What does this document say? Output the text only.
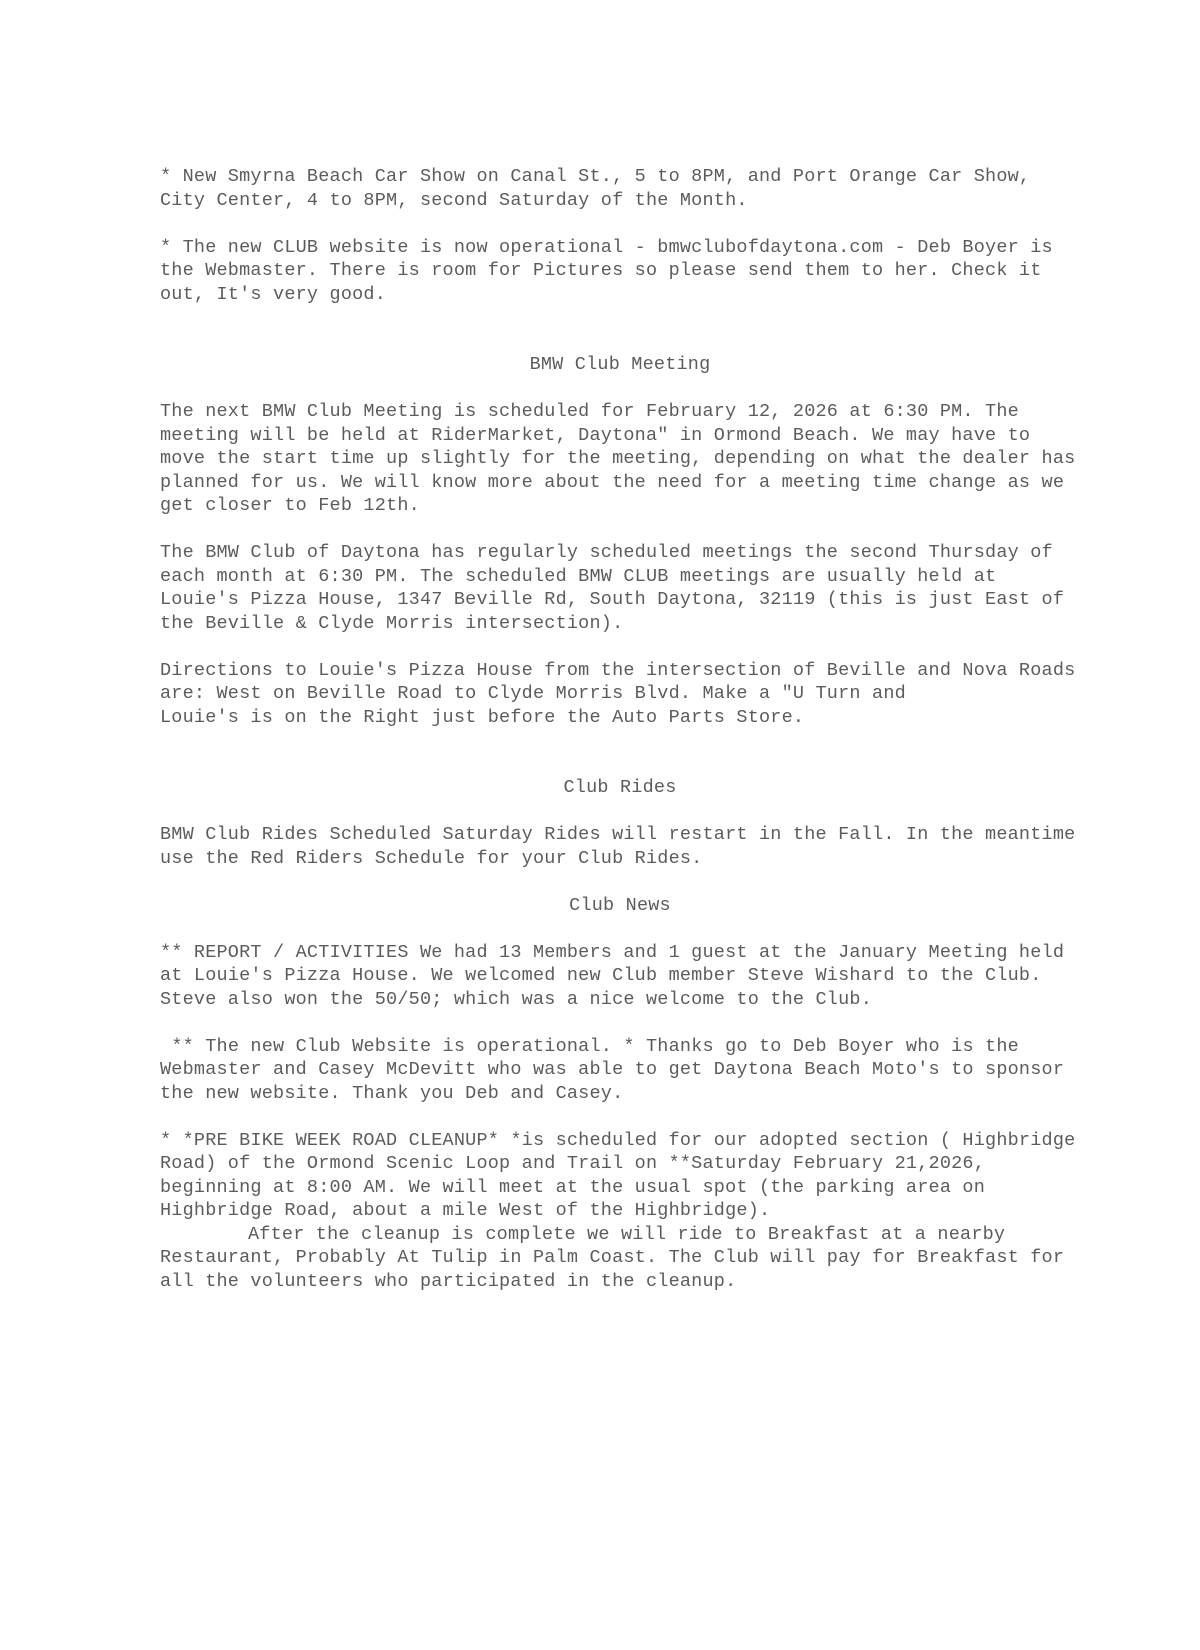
* New Smyrna Beach Car Show on Canal St., 5 to 8PM, and Port Orange Car Show, City Center, 4 to 8PM, second Saturday of the Month.

* The new CLUB website is now operational - bmwclubofdaytona.com - Deb Boyer is the Webmaster. There is room for Pictures so please send them to her. Check it out, It's very good.

BMW Club Meeting

The next BMW Club Meeting is scheduled for February 12, 2026 at 6:30 PM. The meeting will be held at RiderMarket, Daytona" in Ormond Beach. We may have to move the start time up slightly for the meeting, depending on what the dealer has planned for us. We will know more about the need for a meeting time change as we get closer to Feb 12th.

The BMW Club of Daytona has regularly scheduled meetings the second Thursday of each month at 6:30 PM. The scheduled BMW CLUB meetings are usually held at Louie's Pizza House, 1347 Beville Rd, South Daytona, 32119 (this is just East of the Beville & Clyde Morris intersection).

Directions to Louie's Pizza House from the intersection of Beville and Nova Roads are: West on Beville Road to Clyde Morris Blvd. Make a "U Turn and

Louie's is on the Right just before the Auto Parts Store.

Club Rides

BMW Club Rides Scheduled Saturday Rides will restart in the Fall. In the meantime use the Red Riders Schedule for your Club Rides.

Club News

** REPORT / ACTIVITIES We had 13 Members and 1 guest at the January Meeting held at Louie's Pizza House. We welcomed new Club member Steve Wishard to the Club. Steve also won the 50/50; which was a nice welcome to the Club.

** The new Club Website is operational. * Thanks go to Deb Boyer who is the Webmaster and Casey McDevitt who was able to get Daytona Beach Moto's to sponsor the new website. Thank you Deb and Casey.

* *PRE BIKE WEEK ROAD CLEANUP* *is scheduled for our adopted section ( Highbridge Road) of the Ormond Scenic Loop and Trail on **Saturday February 21,2026, beginning at 8:00 AM. We will meet at the usual spot (the parking area on Highbridge Road, about a mile West of the Highbridge).

After the cleanup is complete we will ride to Breakfast at a nearby Restaurant, Probably At Tulip in Palm Coast. The Club will pay for Breakfast for all the volunteers who participated in the cleanup.
